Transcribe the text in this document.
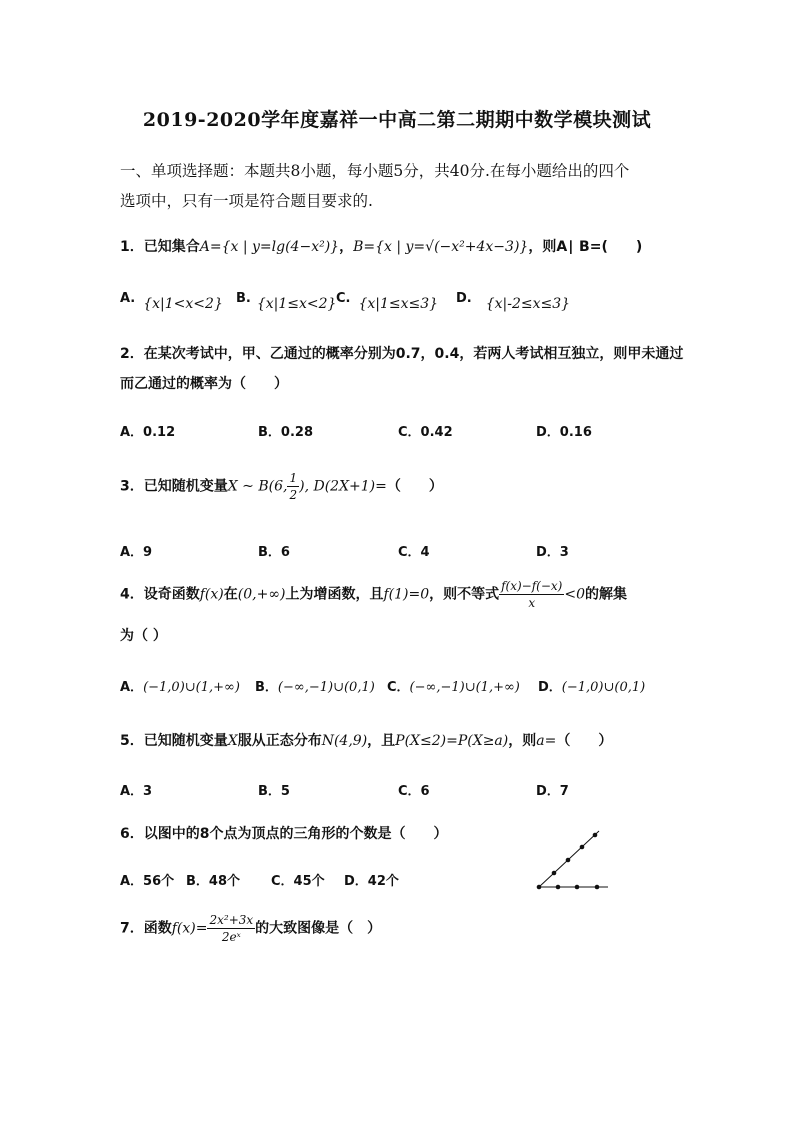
2019-2020学年度嘉祥一中高二第二期期中数学模块测试
一、单项选择题：本题共8小题，每小题5分，共40分.在每小题给出的四个
选项中，只有一项是符合题目要求的.
1．已知集合A={x | y=lg(4−x²)}，B={x | y=√(−x²+4x−3)}，则A∣ B=(　　)
A. {x|1<x<2} B. {x|1≤x<2} C. {x|1≤x≤3} D. {x|-2≤x≤3}
2．在某次考试中，甲、乙通过的概率分别为0.7，0.4，若两人考试相互独立，则甲未通过
而乙通过的概率为（　　）
A．0.12	B．0.28	C．0.42	D．0.16
3．已知随机变量X ~ B(6, $\frac{1}{2}$ ), D(2X+1)=（　　）
A．9	B．6	C．4	D．3
4．设奇函数f(x)在(0,+∞)上为增函数，且f(1)=0，则不等式 $\frac{f(x)-f(-x)}{x} <0$的解集
为（ ）
A．(−1,0)∪(1,+∞) B．(−∞,−1)∪(0,1) C．(−∞,−1)∪(1,+∞) D．(−1,0)∪(0,1)
5．已知随机变量X服从正态分布N(4,9)，且P(X≤2)=P(X≥a)，则a=（　　）
A．3	B．5	C．6	D．7
6．以图中的8个点为顶点的三角形的个数是（　　）
A．56个 B．48个 C．45个 D．42个
7．函数$f(x)= \frac{\text{2x²+3x}}{\text{2eˣ}}$ 的大致图像是（　）
